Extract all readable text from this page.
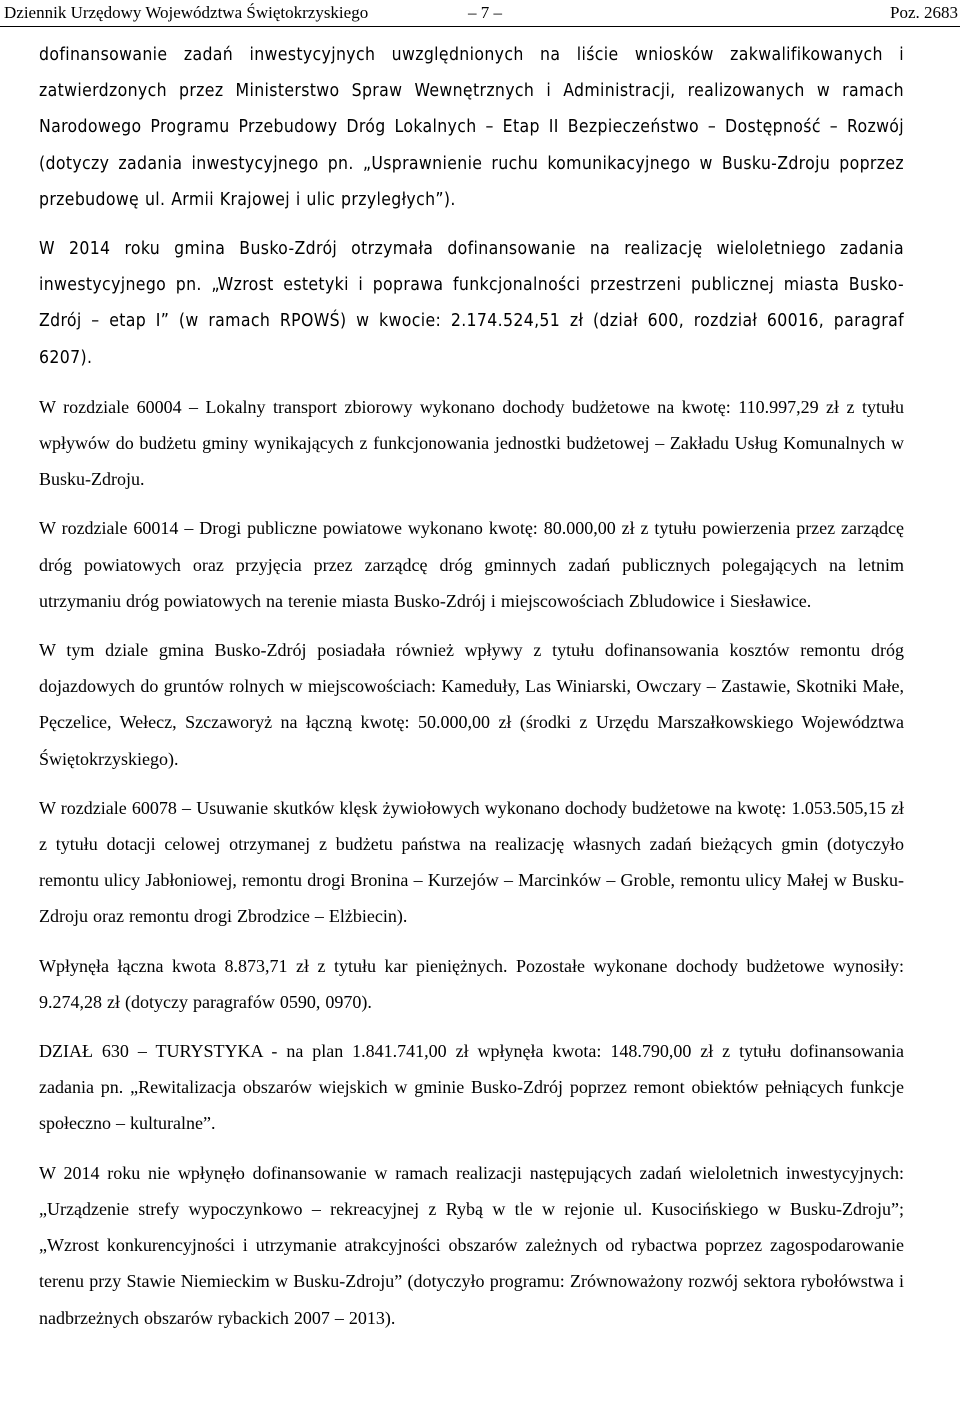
Dziennik Urzędowy Województwa Świętokrzyskiego	– 7 –	Poz. 2683

dofinansowanie zadań inwestycyjnych uwzględnionych na liście wniosków zakwalifikowanych i zatwierdzonych przez Ministerstwo Spraw Wewnętrznych i Administracji, realizowanych w ramach Narodowego Programu Przebudowy Dróg Lokalnych – Etap II Bezpieczeństwo – Dostępność – Rozwój (dotyczy zadania inwestycyjnego pn. „Usprawnienie ruchu komunikacyjnego w Busku-Zdroju poprzez przebudowę ul. Armii Krajowej i ulic przyległych”).

W 2014 roku gmina Busko-Zdrój otrzymała dofinansowanie na realizację wieloletniego zadania inwestycyjnego pn. „Wzrost estetyki i poprawa funkcjonalności przestrzeni publicznej miasta Busko-Zdrój – etap I” (w ramach RPOWŚ) w kwocie: 2.174.524,51 zł (dział 600, rozdział 60016, paragraf 6207).

W rozdziale 60004 – Lokalny transport zbiorowy wykonano dochody budżetowe na kwotę: 110.997,29 zł z tytułu wpływów do budżetu gminy wynikających z funkcjonowania jednostki budżetowej – Zakładu Usług Komunalnych w Busku-Zdroju.

W rozdziale 60014 – Drogi publiczne powiatowe wykonano kwotę: 80.000,00 zł z tytułu powierzenia przez zarządcę dróg powiatowych oraz przyjęcia przez zarządcę dróg gminnych zadań publicznych polegających na letnim utrzymaniu dróg powiatowych na terenie miasta Busko-Zdrój i miejscowościach Zbludowice i Siesławice.

W tym dziale gmina Busko-Zdrój posiadała również wpływy z tytułu dofinansowania kosztów remontu dróg dojazdowych do gruntów rolnych w miejscowościach: Kameduły, Las Winiarski, Owczary – Zastawie, Skotniki Małe, Pęczelice, Wełecz, Szczaworyż na łączną kwotę: 50.000,00 zł (środki z Urzędu Marszałkowskiego Województwa Świętokrzyskiego).

W rozdziale 60078 – Usuwanie skutków klęsk żywiołowych wykonano dochody budżetowe na kwotę: 1.053.505,15 zł z tytułu dotacji celowej otrzymanej z budżetu państwa na realizację własnych zadań bieżących gmin (dotyczyło remontu ulicy Jabłoniowej, remontu drogi Bronina – Kurzejów – Marcinków – Groble, remontu ulicy Małej w Busku-Zdroju oraz remontu drogi Zbrodzice – Elżbiecin).

Wpłynęła łączna kwota 8.873,71 zł z tytułu kar pieniężnych. Pozostałe wykonane dochody budżetowe wynosiły: 9.274,28 zł (dotyczy paragrafów 0590, 0970).

DZIAŁ 630 – TURYSTYKA - na plan 1.841.741,00 zł wpłynęła kwota: 148.790,00 zł z tytułu dofinansowania zadania pn. „Rewitalizacja obszarów wiejskich w gminie Busko-Zdrój poprzez remont obiektów pełniących funkcje społeczno – kulturalne”.

W 2014 roku nie wpłynęło dofinansowanie w ramach realizacji następujących zadań wieloletnich inwestycyjnych: „Urządzenie strefy wypoczynkowo – rekreacyjnej z Rybą w tle w rejonie ul. Kusocińskiego w Busku-Zdroju”; „Wzrost konkurencyjności i utrzymanie atrakcyjności obszarów zależnych od rybactwa poprzez zagospodarowanie terenu przy Stawie Niemieckim w Busku-Zdroju” (dotyczyło programu: Zrównoważony rozwój sektora rybołówstwa i nadbrzeżnych obszarów rybackich 2007 – 2013).
